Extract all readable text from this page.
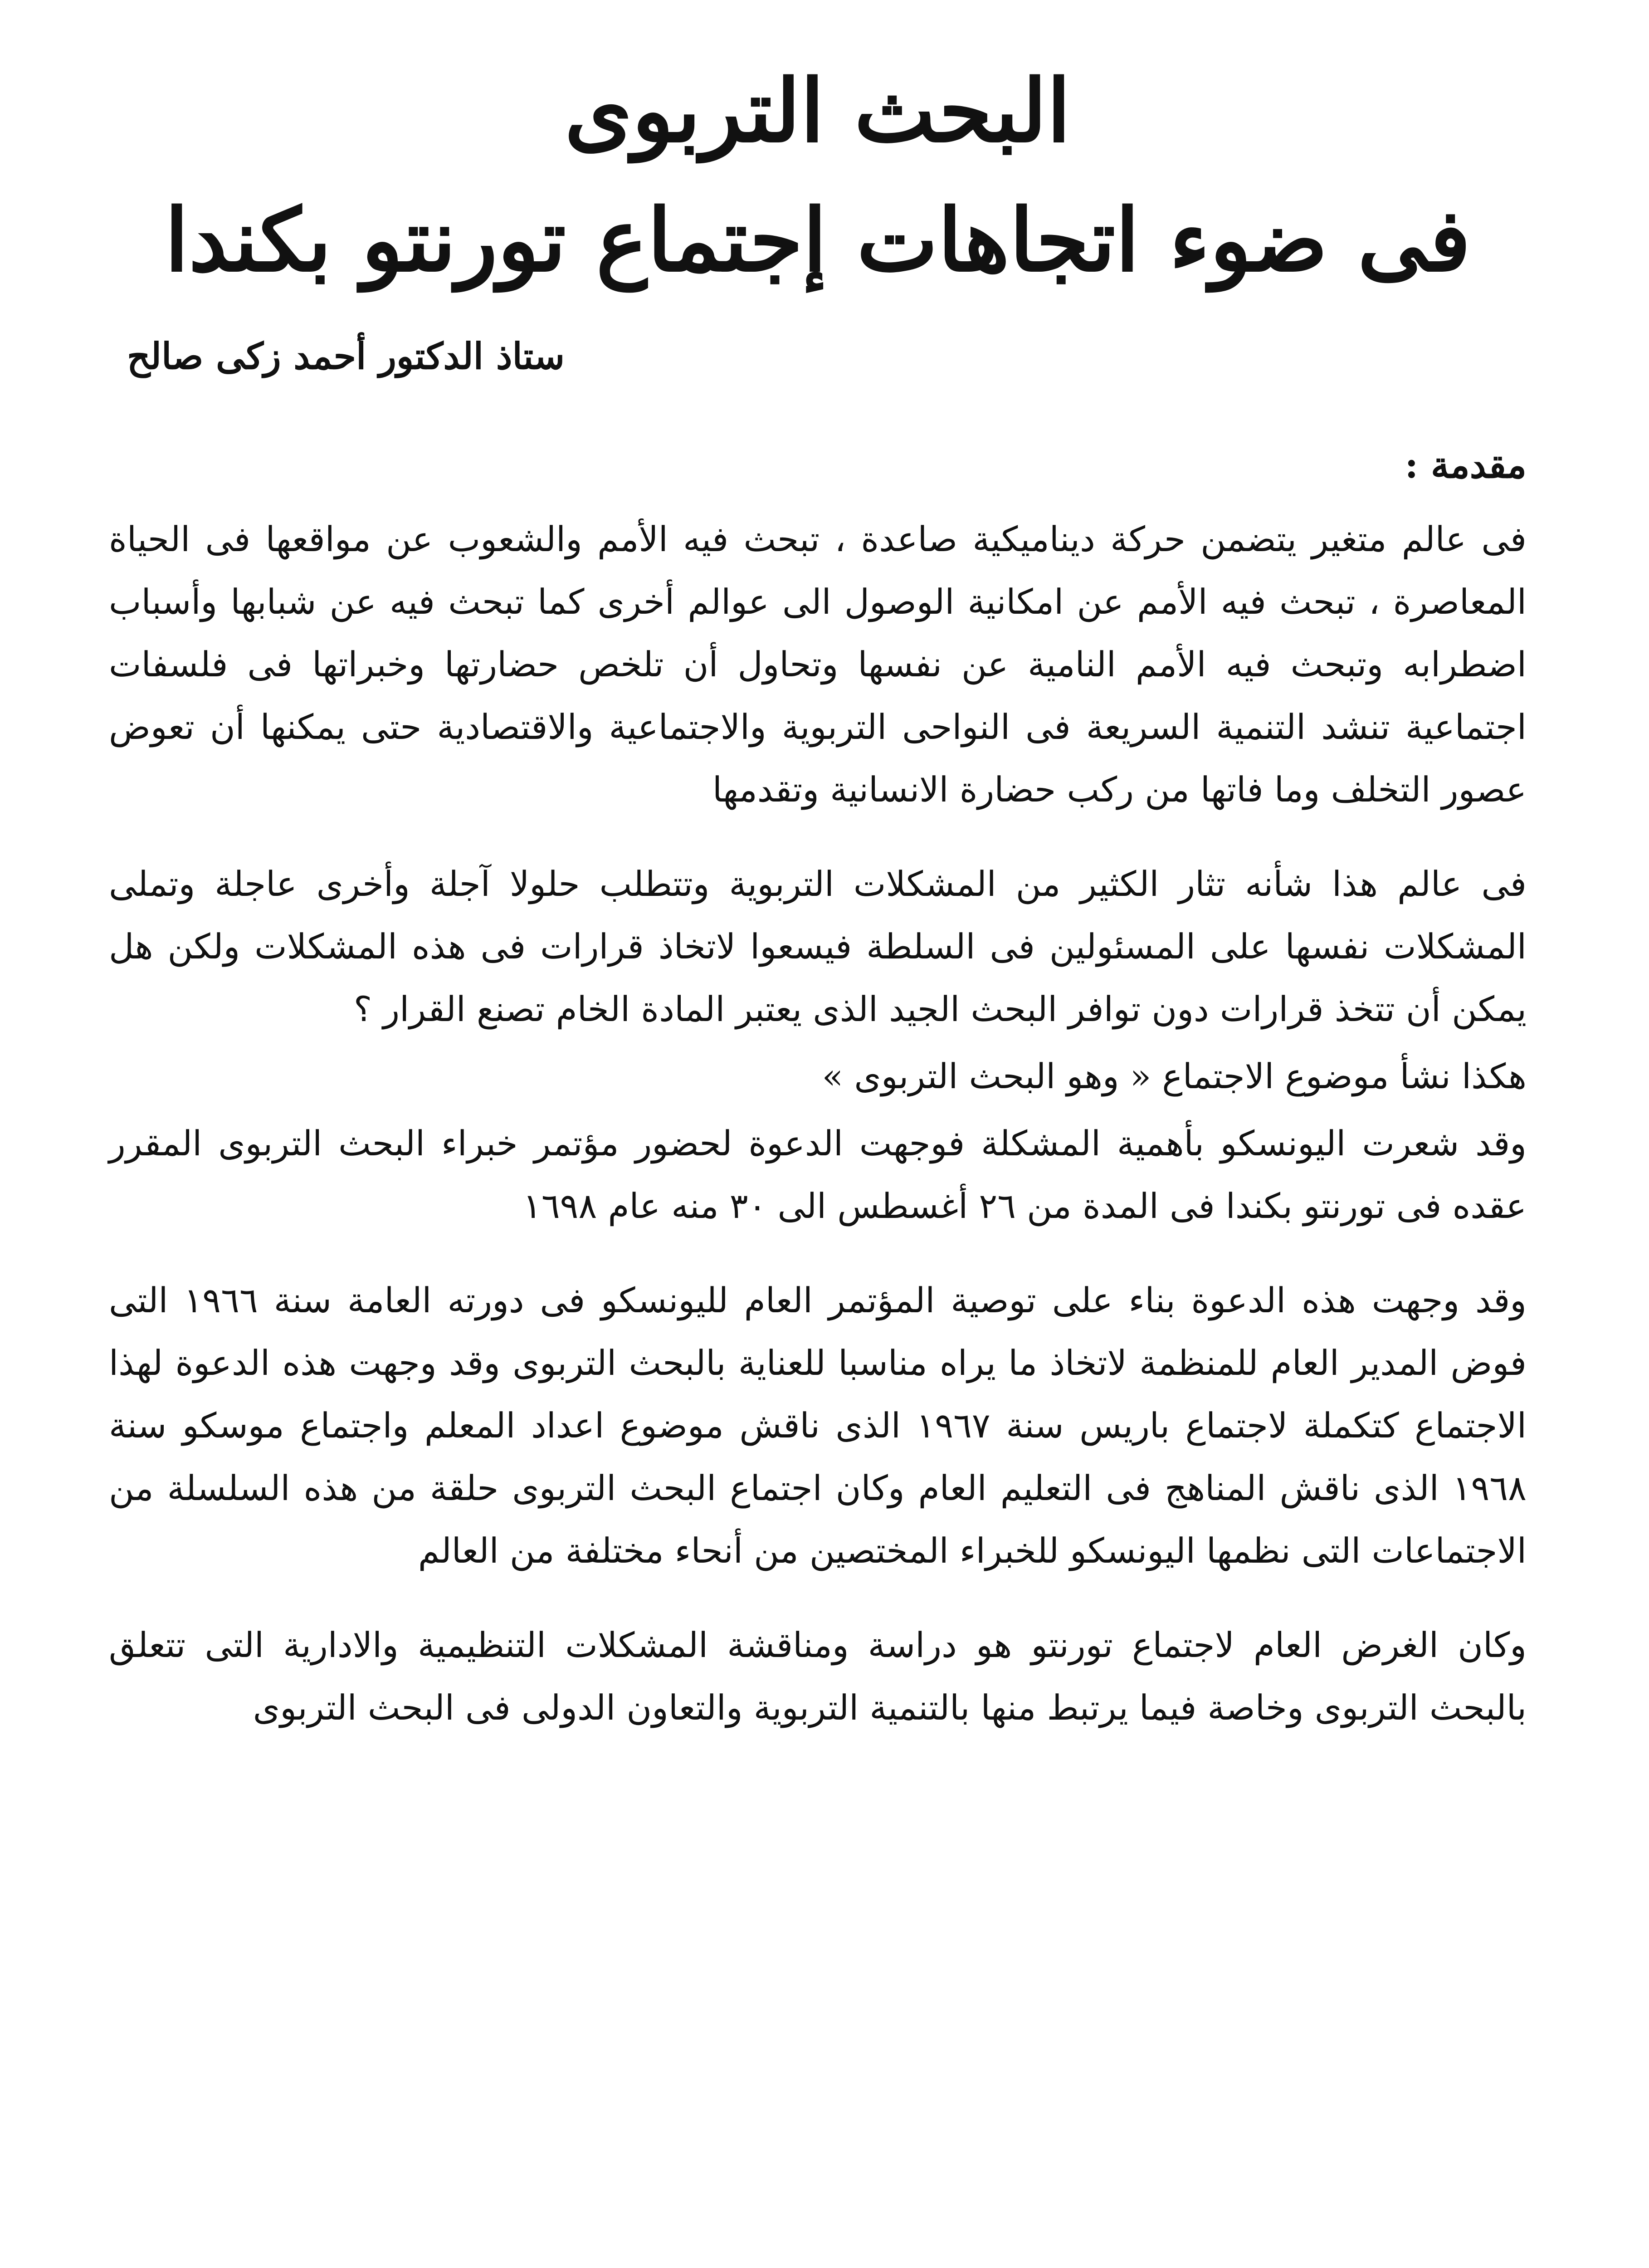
البحث التربوى
فى ضوء اتجاهات إجتماع تورنتو بكندا
ستاذ الدكتور أحمد زكى صالح
مقدمة :

فى عالم متغير يتضمن حركة ديناميكية صاعدة ، تبحث فيه الأمم والشعوب عن مواقعها فى الحياة المعاصرة ، تبحث فيه الأمم عن امكانية الوصول الى عوالم أخرى كما تبحث فيه عن شبابها وأسباب اضطرابه وتبحث فيه الأمم النامية عن نفسها وتحاول أن تلخص حضارتها وخبراتها فى فلسفات اجتماعية تنشد التنمية السريعة فى النواحى التربوية والاجتماعية والاقتصادية حتى يمكنها أن تعوض عصور التخلف وما فاتها من ركب حضارة الانسانية وتقدمها

فى عالم هذا شأنه تثار الكثير من المشكلات التربوية وتتطلب حلولا آجلة وأخرى عاجلة وتملى المشكلات نفسها على المسئولين فى السلطة فيسعوا لاتخاذ قرارات فى هذه المشكلات ولكن هل يمكن أن تتخذ قرارات دون توافر البحث الجيد الذى يعتبر المادة الخام تصنع القرار ؟

هكذا نشأ موضوع الاجتماع « وهو البحث التربوى »

وقد شعرت اليونسكو بأهمية المشكلة فوجهت الدعوة لحضور مؤتمر خبراء البحث التربوى المقرر عقده فى تورنتو بكندا فى المدة من ٢٦ أغسطس الى ٣٠ منه عام ١٦٩٨

وقد وجهت هذه الدعوة بناء على توصية المؤتمر العام لليونسكو فى دورته العامة سنة ١٩٦٦ التى فوض المدير العام للمنظمة لاتخاذ ما يراه مناسبا للعناية بالبحث التربوى وقد وجهت هذه الدعوة لهذا الاجتماع كتكملة لاجتماع باريس سنة ١٩٦٧ الذى ناقش موضوع اعداد المعلم واجتماع موسكو سنة ١٩٦٨ الذى ناقش المناهج فى التعليم العام وكان اجتماع البحث التربوى حلقة من هذه السلسلة من الاجتماعات التى نظمها اليونسكو للخبراء المختصين من أنحاء مختلفة من العالم

وكان الغرض العام لاجتماع تورنتو هو دراسة ومناقشة المشكلات التنظيمية والادارية التى تتعلق بالبحث التربوى وخاصة فيما يرتبط منها بالتنمية التربوية والتعاون الدولى فى البحث التربوى
